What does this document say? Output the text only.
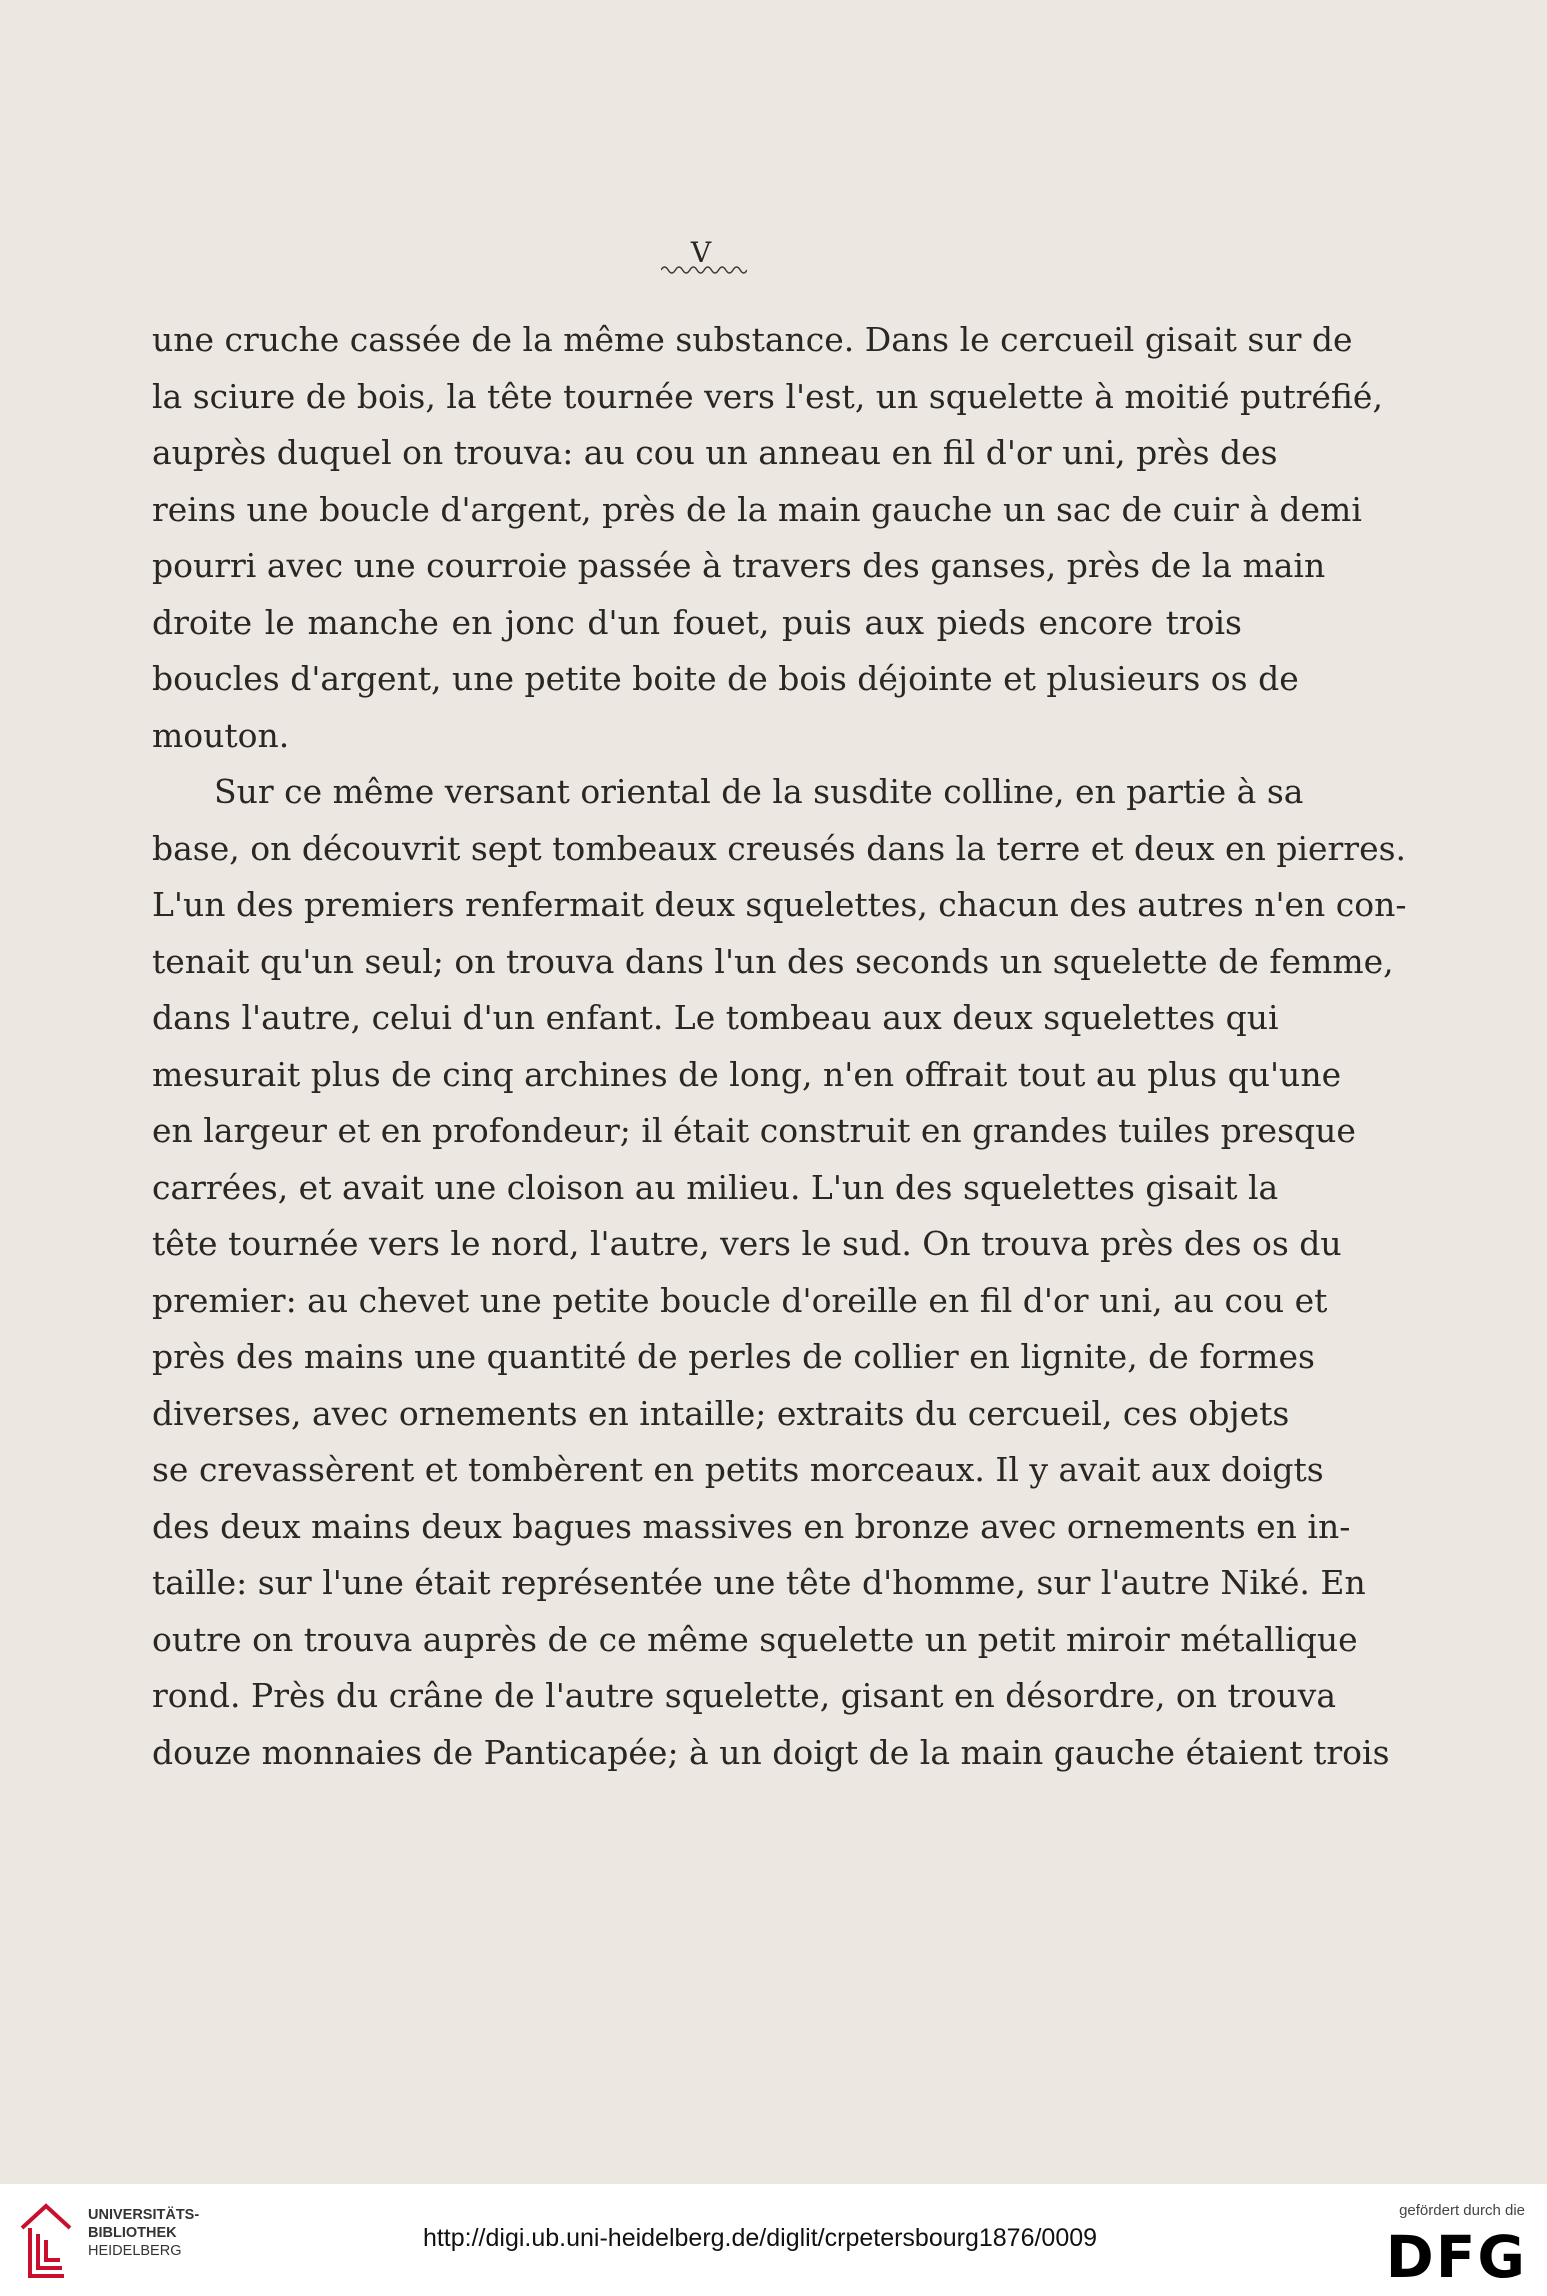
V
une cruche cassée de la même substance. Dans le cercueil gisait sur de
la sciure de bois, la tête tournée vers l'est, un squelette à moitié putréfié,
auprès duquel on trouva: au cou un anneau en fil d'or uni, près des
reins une boucle d'argent, près de la main gauche un sac de cuir à demi
pourri avec une courroie passée à travers des ganses, près de la main
droite le manche en jonc d'un fouet, puis aux pieds encore trois
boucles d'argent, une petite boite de bois déjointe et plusieurs os de
mouton.
Sur ce même versant oriental de la susdite colline, en partie à sa
base, on découvrit sept tombeaux creusés dans la terre et deux en pierres.
L'un des premiers renfermait deux squelettes, chacun des autres n'en con-
tenait qu'un seul; on trouva dans l'un des seconds un squelette de femme,
dans l'autre, celui d'un enfant. Le tombeau aux deux squelettes qui
mesurait plus de cinq archines de long, n'en offrait tout au plus qu'une
en largeur et en profondeur; il était construit en grandes tuiles presque
carrées, et avait une cloison au milieu. L'un des squelettes gisait la
tête tournée vers le nord, l'autre, vers le sud. On trouva près des os du
premier: au chevet une petite boucle d'oreille en fil d'or uni, au cou et
près des mains une quantité de perles de collier en lignite, de formes
diverses, avec ornements en intaille; extraits du cercueil, ces objets
se crevassèrent et tombèrent en petits morceaux. Il y avait aux doigts
des deux mains deux bagues massives en bronze avec ornements en in-
taille: sur l'une était représentée une tête d'homme, sur l'autre Niké. En
outre on trouva auprès de ce même squelette un petit miroir métallique
rond. Près du crâne de l'autre squelette, gisant en désordre, on trouva
douze monnaies de Panticapée; à un doigt de la main gauche étaient trois
UNIVERSITÄTS-
BIBLIOTHEK
HEIDELBERG	http://digi.ub.uni-heidelberg.de/diglit/crpetersbourg1876/0009
gefördert durch die
DFG
